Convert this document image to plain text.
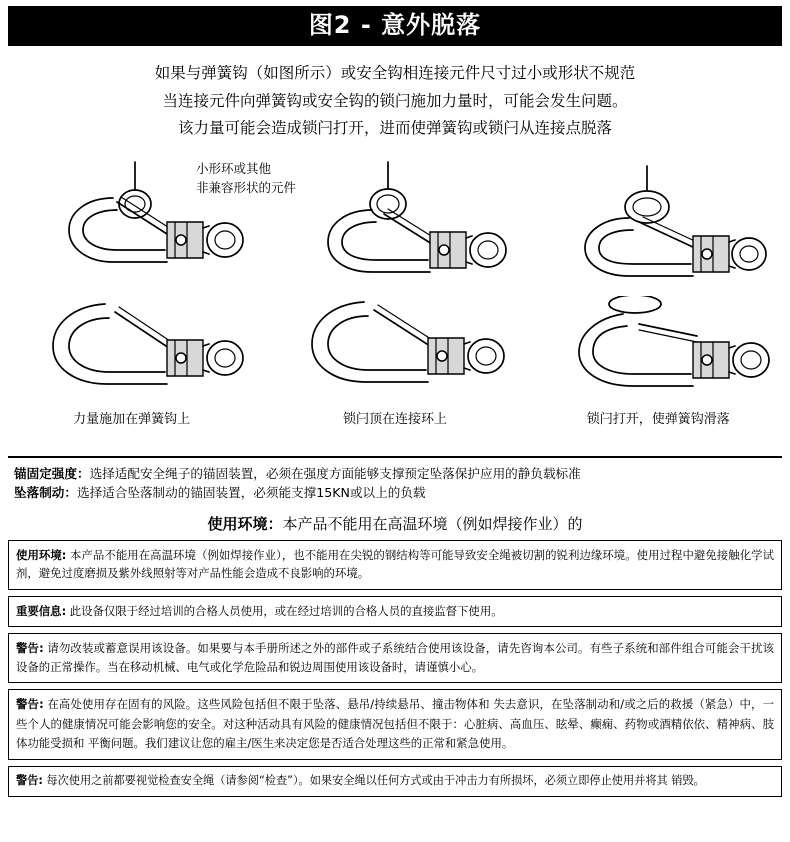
图2 - 意外脱落
如果与弹簧钩（如图所示）或安全钩相连接元件尺寸过小或形状不规范
当连接元件向弹簧钩或安全钩的锁闩施加力量时，可能会发生问题。
该力量可能会造成锁闩打开，进而使弹簧钩或锁闩从连接点脱落
小形环或其他
非兼容形状的元件
力量施加在弹簧钩上	锁闩顶在连接环上	锁闩打开，使弹簧钩滑落
锚固定强度：选择适配安全绳子的锚固装置，必须在强度方面能够支撑预定坠落保护应用的静负载标准
坠落制动：选择适合坠落制动的锚固装置，必须能支撑15KN或以上的负载
使用环境：本产品不能用在高温环境（例如焊接作业）的
使用环境: 本产品不能用在高温环境（例如焊接作业），也不能用在尖锐的钢结构等可能导致安全绳被切割的锐利边缘环境。使用过程中避免接触化学试剂，避免过度磨损及紫外线照射等对产品性能会造成不良影响的环境。
重要信息: 此设备仅限于经过培训的合格人员使用，或在经过培训的合格人员的直接监督下使用。
警告: 请勿改装或蓄意误用该设备。如果要与本手册所述之外的部件或子系统结合使用该设备，请先咨询本公司。有些子系统和部件组合可能会干扰该设备的正常操作。当在移动机械、电气或化学危险品和锐边周围使用该设备时，请谨慎小心。
警告: 在高处使用存在固有的风险。这些风险包括但不限于坠落、悬吊/持续悬吊、撞击物体和 失去意识，在坠落制动和/或之后的救援（紧急）中，一些个人的健康情况可能会影响您的安全。对这种活动具有风险的健康情况包括但不限于：心脏病、高血压、眩晕、癫痫、药物或酒精依依、精神病、肢体功能受损和 平衡问题。我们建议让您的雇主/医生来决定您是否适合处理这些的正常和紧急使用。
警告: 每次使用之前都要视觉检查安全绳（请参阅“检查”）。如果安全绳以任何方式或由于冲击力有所损坏，必须立即停止使用并将其 销毁。
